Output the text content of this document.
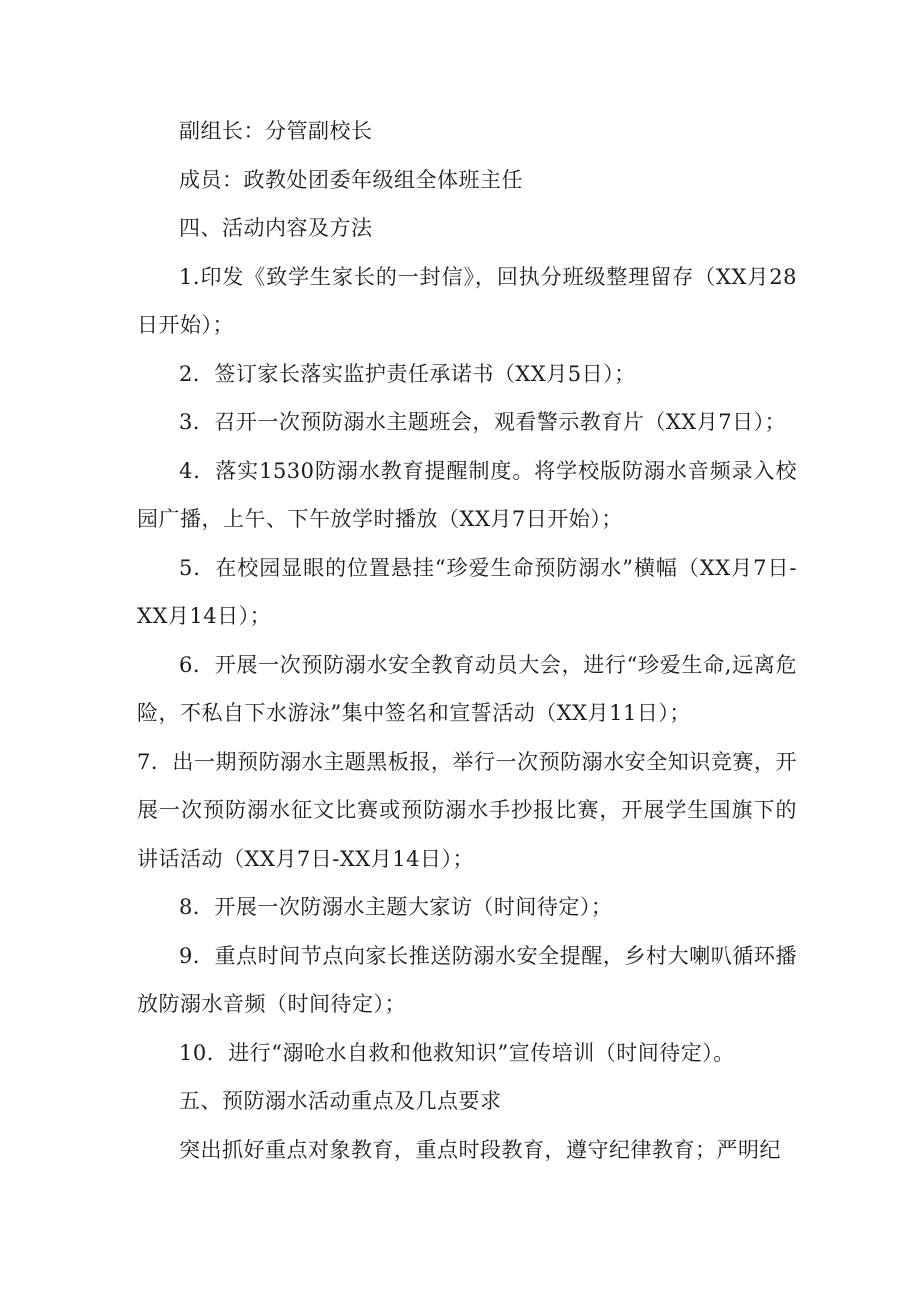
副组长：分管副校长

成员：政教处团委年级组全体班主任

四、活动内容及方法

1.印发《致学生家长的一封信》，回执分班级整理留存（XX月28日开始）；

2．签订家长落实监护责任承诺书（XX月5日）；

3．召开一次预防溺水主题班会，观看警示教育片（XX月7日）；

4．落实1530防溺水教育提醒制度。将学校版防溺水音频录入校园广播，上午、下午放学时播放（XX月7日开始）；

5．在校园显眼的位置悬挂“珍爱生命预防溺水”横幅（XX月7日-XX月14日）；

6．开展一次预防溺水安全教育动员大会，进行“珍爱生命,远离危险，不私自下水游泳”集中签名和宣誓活动（XX月11日）；

7．出一期预防溺水主题黑板报，举行一次预防溺水安全知识竞赛，开展一次预防溺水征文比赛或预防溺水手抄报比赛，开展学生国旗下的讲话活动（XX月7日-XX月14日）；

8．开展一次防溺水主题大家访（时间待定）；

9．重点时间节点向家长推送防溺水安全提醒，乡村大喇叭循环播放防溺水音频（时间待定）；

10．进行“溺呛水自救和他救知识”宣传培训（时间待定）。

五、预防溺水活动重点及几点要求

突出抓好重点对象教育，重点时段教育，遵守纪律教育；严明纪
